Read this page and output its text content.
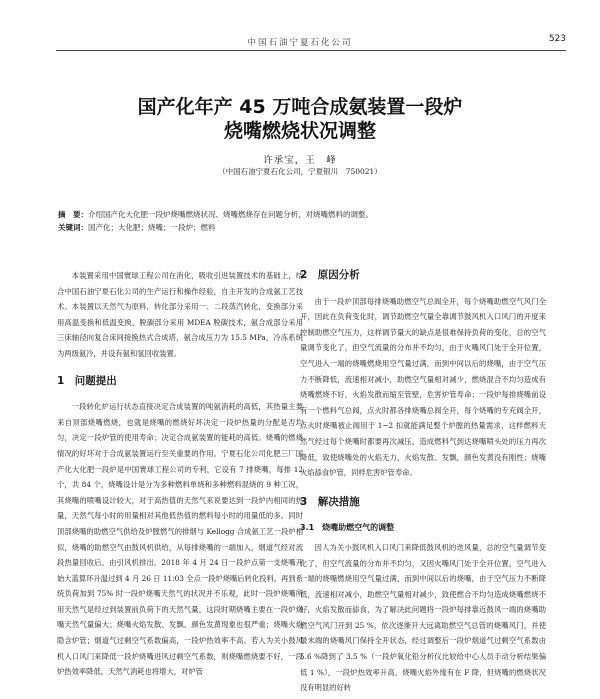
中国石油宁夏石化公司	523
国产化年产 45 万吨合成氨装置一段炉
烧嘴燃烧状况调整
许承宝，王　峰
（中国石油宁夏石化公司，宁夏银川　750021）
摘　要：介绍国产化大化肥一段炉烧嘴燃烧状况、烧嘴燃烧存在问题分析，对烧嘴燃料的调整。
关键词：国产化；大化肥；烧嘴；一段炉；燃料

本装置采用中国寰球工程公司在消化，吸收引进装置技术的基础上，结合中国石油宁夏石化公司的生产运行和操作经验，自主开发的合成氨工艺技术。本装置以天然气为原料，转化部分采用一、二段蒸汽转化，变换部分采用高温变换和低温变换，脱碳部分采用 MDEA 脱碳技术，氨合成部分采用三床轴径向复合床间接换热式合成塔，氨合成压力为 15.5 MPa，冷冻系统为两级氨冷，并设有氨和氢回收装置。

1　问题提出

一段转化炉运行状态直接决定合成装置的吨氨消耗的高低，其热量主要来自顶部烧嘴燃烧，也就是烧嘴的燃烧好坏决定一段炉热量的分配是否均匀，决定一段炉管的使用寿命；决定合成氨装置的能耗的高低。烧嘴的燃烧情况的好坏对于合成氨装置运行至关重要的作用。宁夏石化公司化肥三厂国产化大化肥一段炉是中国寰球工程公司的专利，它设有 7 排烧嘴，每排 12 个，共 84 个，烧嘴设计是分为多种燃料单烧和多种燃料混烧的 9 种工况，其烧嘴的喷嘴设计较大，对于高热值的天然气来说要达到一段炉内相同的热量，天然气每小时的用量相对其他低热值的燃料每小时的用量低的多。同时顶部烧嘴的助燃空气供给及炉膛燃气的排烟与 Kellogg 合成氨工艺一段炉相似，烧嘴的助燃空气由鼓风机供给，从每排烧嘴的一端加入，烟道气经对流段热量回收后，由引风机排出。2018 年 4 月 24 日一段炉点第一支烧嘴开始大蓝算环升温过到 4 月 26 日 11:03 全点一段炉烧嘴后转化投料，再到系统负荷加到 75% 时一段炉烧嘴天然气的状况并不乐观，此时一段炉烧嘴所用天然气是经过到装置前负荷下的天然气量，这段时期烧嘴主要在一段炉烧嘴天然气量偏大；烧嘴火焰发散、发飘、颜色发黄现象也很严重；烧嘴火焰隐含炉管；烟道气过剩空气系数偏高，一段炉热效率不高。若入为关小鼓风机入口风门来降低一段炉烧嘴进风过剩空气系数，则烧嘴燃烧要不好，一段炉热效率降低，天然气消耗也将增大，对炉管

2　原因分析

由于一段炉顶部每排烧嘴助燃空气总阀全开，每个烧嘴助燃空气风门全开，因此在负荷变化时，调节助燃空气量全靠调节鼓风机入口风门的开度来控制助燃空气压力，这样调节量大的缺点是很难保持负荷的变化，总的空气量调节变化了，但空气流量的分布并不均匀，由于火嘴风门处于全开位置，空气进入一端的烧嘴燃烧用空气量过满，而到中间以后的烧嘴，由于空气压力不断降低，流速相对减小，助燃空气量相对减少，燃烧混合不均匀造成有烧嘴燃烧不好，火焰发散而缩至管壁，危害炉管寿命；一段炉每排烧嘴前设有一个燃料气总阀，点火时都各排烧嘴总阀全开，每个烧嘴的专充阀全开，点火时烧嘴被止阀用于 1~2 扣就能满足整个炉膛的热量需求，这样燃料天然气经过每个烧嘴时都要再次减压，造成燃料气到达烧嘴喷头处的压力再次降低，致使烧嘴处的火焰无力，火焰发散、发飘，颜色发黄没有刚性；烧嘴火焰舔食炉管，同样危害炉管寿命。

3　解决措施
3.1　烧嘴助燃空气的调整

因人为关小鼓风机入口风门来降低鼓风机的迭风量，总的空气量调节变化了，但空气流量的分布并不均匀，又因火嘴风门处于全开位置，空气进入一端的烧嘴燃烧用空气量过满，而到中间以后的烧嘴，由于空气压力不断降低，流速相对减小，助燃空气量相对减少，致使燃合不均匀造成烧嘴燃烧不好，火焰发散而舔食，为了解决此问题将一段炉每排靠近鼓风一端的烧嘴助燃空气风门开到 25 %，依次逐渐开大远离助燃空气总管的烧嘴风门，并使最末端的烧嘴风门保持全开状态，经过调整后一段炉烟道气过剩空气系数由 5.6 %降到了 3.5 %（一段炉氧化铅分析仪比较给中心人员手动分析结果偏低 1 %），一段炉热效率升高，烧嘴火焰外缘有在 F 降，但烧嘴的燃烧状况没有明显的好转
